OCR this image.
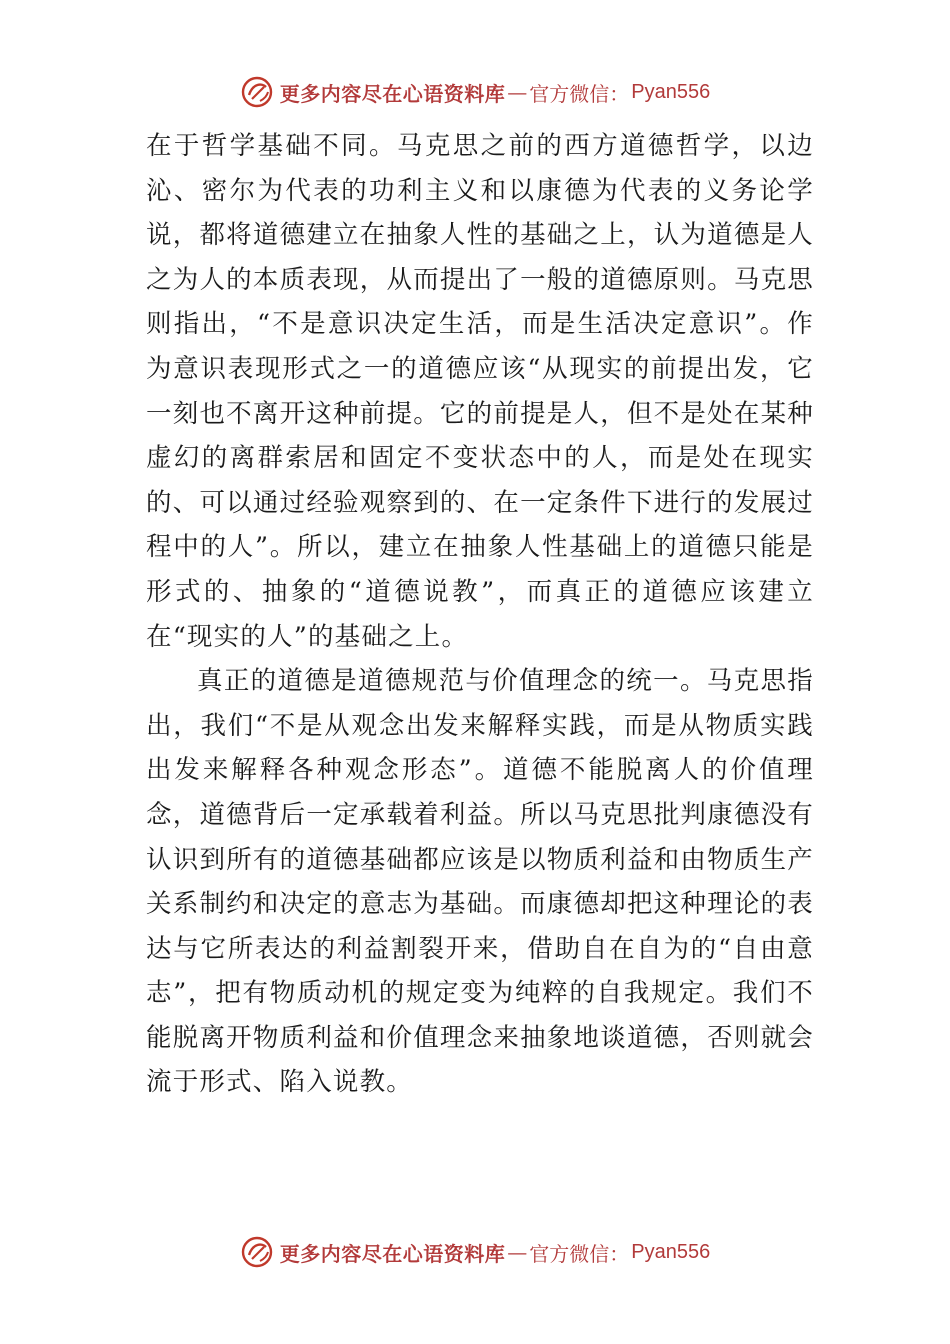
更多内容尽在心语资料库 — 官方微信： Pyan556

在于哲学基础不同。马克思之前的西方道德哲学，以边沁、密尔为代表的功利主义和以康德为代表的义务论学说，都将道德建立在抽象人性的基础之上，认为道德是人之为人的本质表现，从而提出了一般的道德原则。马克思则指出，“不是意识决定生活，而是生活决定意识”。作为意识表现形式之一的道德应该“从现实的前提出发，它一刻也不离开这种前提。它的前提是人，但不是处在某种虚幻的离群索居和固定不变状态中的人，而是处在现实的、可以通过经验观察到的、在一定条件下进行的发展过程中的人”。所以，建立在抽象人性基础上的道德只能是形式的、抽象的“道德说教”，而真正的道德应该建立在“现实的人”的基础之上。

真正的道德是道德规范与价值理念的统一。马克思指出，我们“不是从观念出发来解释实践，而是从物质实践出发来解释各种观念形态”。道德不能脱离人的价值理念，道德背后一定承载着利益。所以马克思批判康德没有认识到所有的道德基础都应该是以物质利益和由物质生产关系制约和决定的意志为基础。而康德却把这种理论的表达与它所表达的利益割裂开来，借助自在自为的“自由意志”，把有物质动机的规定变为纯粹的自我规定。我们不能脱离开物质利益和价值理念来抽象地谈道德，否则就会流于形式、陷入说教。

更多内容尽在心语资料库 — 官方微信： Pyan556
